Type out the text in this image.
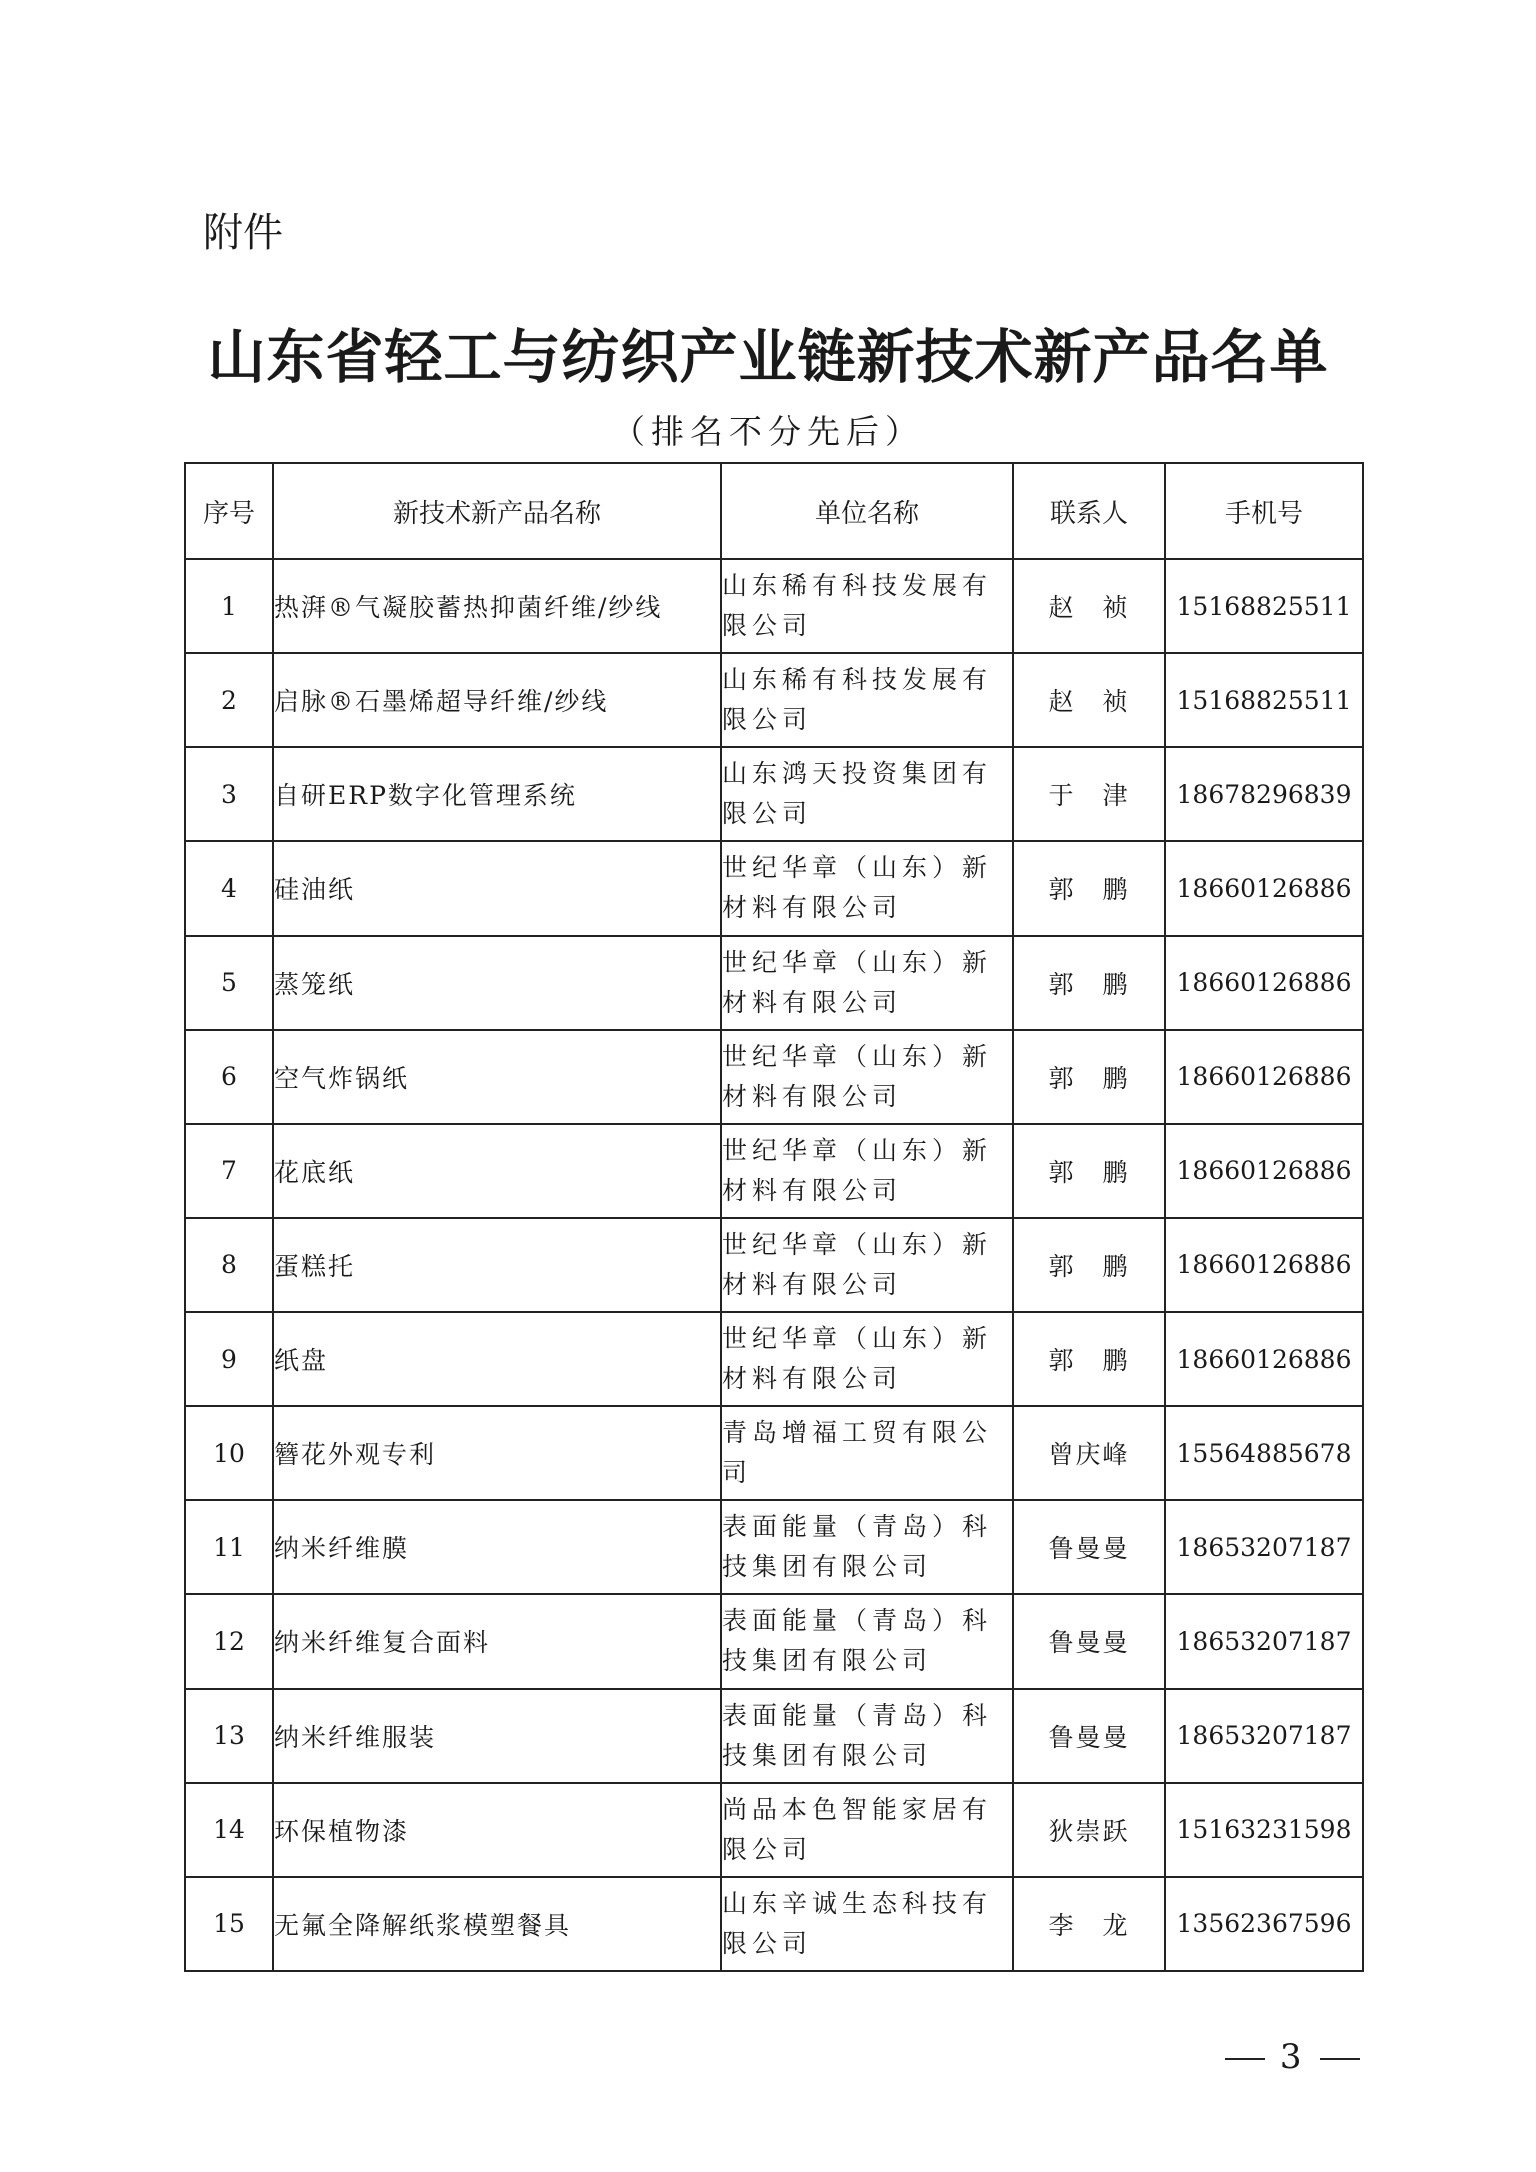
附件
山东省轻工与纺织产业链新技术新产品名单
（排名不分先后）
序号	新技术新产品名称	单位名称	联系人	手机号
1	热湃®气凝胶蓄热抑菌纤维/纱线	山东稀有科技发展有限公司	赵　祯	15168825511
2	启脉®石墨烯超导纤维/纱线	山东稀有科技发展有限公司	赵　祯	15168825511
3	自研ERP数字化管理系统	山东鸿天投资集团有限公司	于　津	18678296839
4	硅油纸	世纪华章（山东）新材料有限公司	郭　鹏	18660126886
5	蒸笼纸	世纪华章（山东）新材料有限公司	郭　鹏	18660126886
6	空气炸锅纸	世纪华章（山东）新材料有限公司	郭　鹏	18660126886
7	花底纸	世纪华章（山东）新材料有限公司	郭　鹏	18660126886
8	蛋糕托	世纪华章（山东）新材料有限公司	郭　鹏	18660126886
9	纸盘	世纪华章（山东）新材料有限公司	郭　鹏	18660126886
10	簪花外观专利	青岛增福工贸有限公司	曾庆峰	15564885678
11	纳米纤维膜	表面能量（青岛）科技集团有限公司	鲁曼曼	18653207187
12	纳米纤维复合面料	表面能量（青岛）科技集团有限公司	鲁曼曼	18653207187
13	纳米纤维服装	表面能量（青岛）科技集团有限公司	鲁曼曼	18653207187
14	环保植物漆	尚品本色智能家居有限公司	狄崇跃	15163231598
15	无氟全降解纸浆模塑餐具	山东辛诚生态科技有限公司	李　龙	13562367596
3
